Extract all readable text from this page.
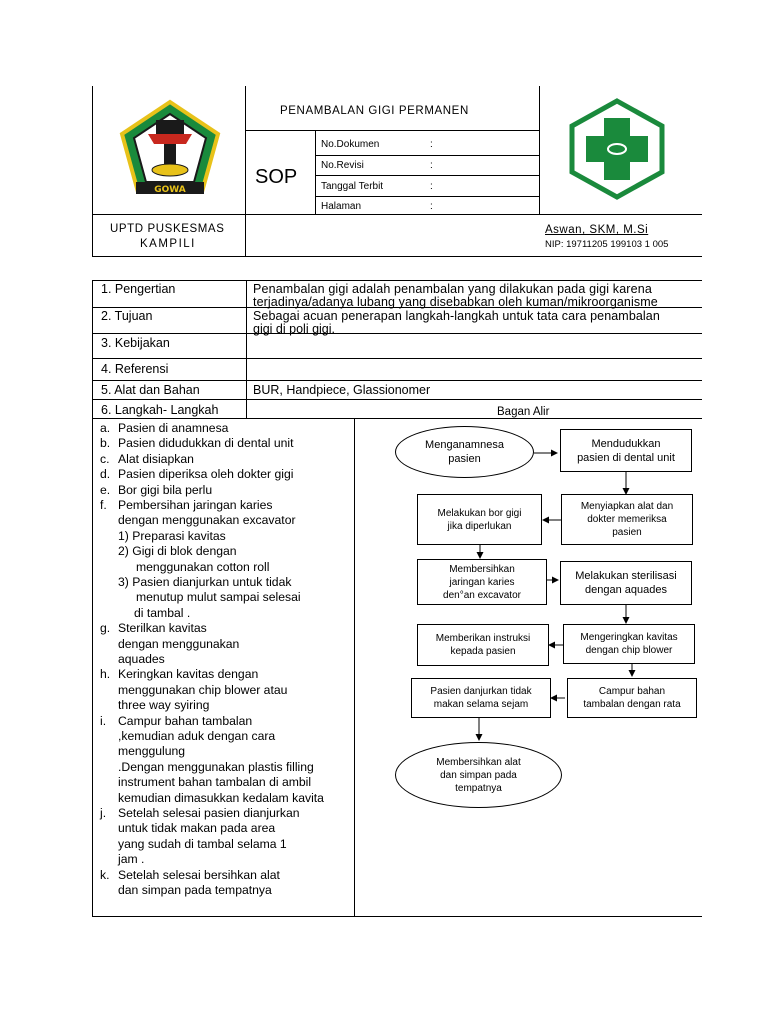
GOWA
PENAMBALAN GIGI PERMANEN
SOP
No.Dokumen	:
No.Revisi	:
Tanggal Terbit	:
Halaman	:
UPTD PUSKESMAS
KAMPILI
Aswan, SKM, M.Si
NIP: 19711205 199103 1 005
1. Pengertian	Penambalan gigi adalah penambalan yang dilakukan pada gigi karena
terjadinya/adanya lubang yang disebabkan oleh kuman/mikroorganisme
2. Tujuan	Sebagai acuan penerapan langkah-langkah untuk tata cara penambalan
gigi di poli gigi.
3. Kebijakan
4. Referensi
5. Alat dan Bahan	BUR, Handpiece, Glassionomer
6. Langkah- Langkah	Bagan Alir
a. Pasien di anamnesa
b. Pasien didudukkan di dental unit
c. Alat disiapkan
d. Pasien diperiksa oleh dokter gigi
e. Bor gigi bila perlu
f. Pembersihan jaringan karies
dengan menggunakan excavator
1) Preparasi kavitas
2) Gigi di blok dengan
menggunakan cotton roll
3) Pasien dianjurkan untuk tidak
menutup mulut sampai selesai
di tambal .
g. Sterilkan kavitas
dengan menggunakan
aquades
h. Keringkan kavitas dengan
menggunakan chip blower atau
three way syiring
i. Campur bahan tambalan
,kemudian aduk dengan cara
menggulung
.Dengan menggunakan plastis filling
instrument bahan tambalan di ambil
kemudian dimasukkan kedalam kavita
j. Setelah selesai pasien dianjurkan
untuk tidak makan pada area
yang sudah di tambal selama 1
jam .
k. Setelah selesai bersihkan alat
dan simpan pada tempatnya
Menganamnesa
pasien
Mendudukkan
pasien di dental unit
Melakukan bor gigi
jika diperlukan
Menyiapkan alat dan
dokter memeriksa
pasien
Membersihkan
jaringan karies
den°an excavator
Melakukan sterilisasi
dengan aquades
Memberikan instruksi
kepada pasien
Mengeringkan kavitas
dengan chip blower
Pasien danjurkan tidak
makan selama sejam
Campur bahan
tambalan dengan rata
Membersihkan alat
dan simpan pada
tempatnya
